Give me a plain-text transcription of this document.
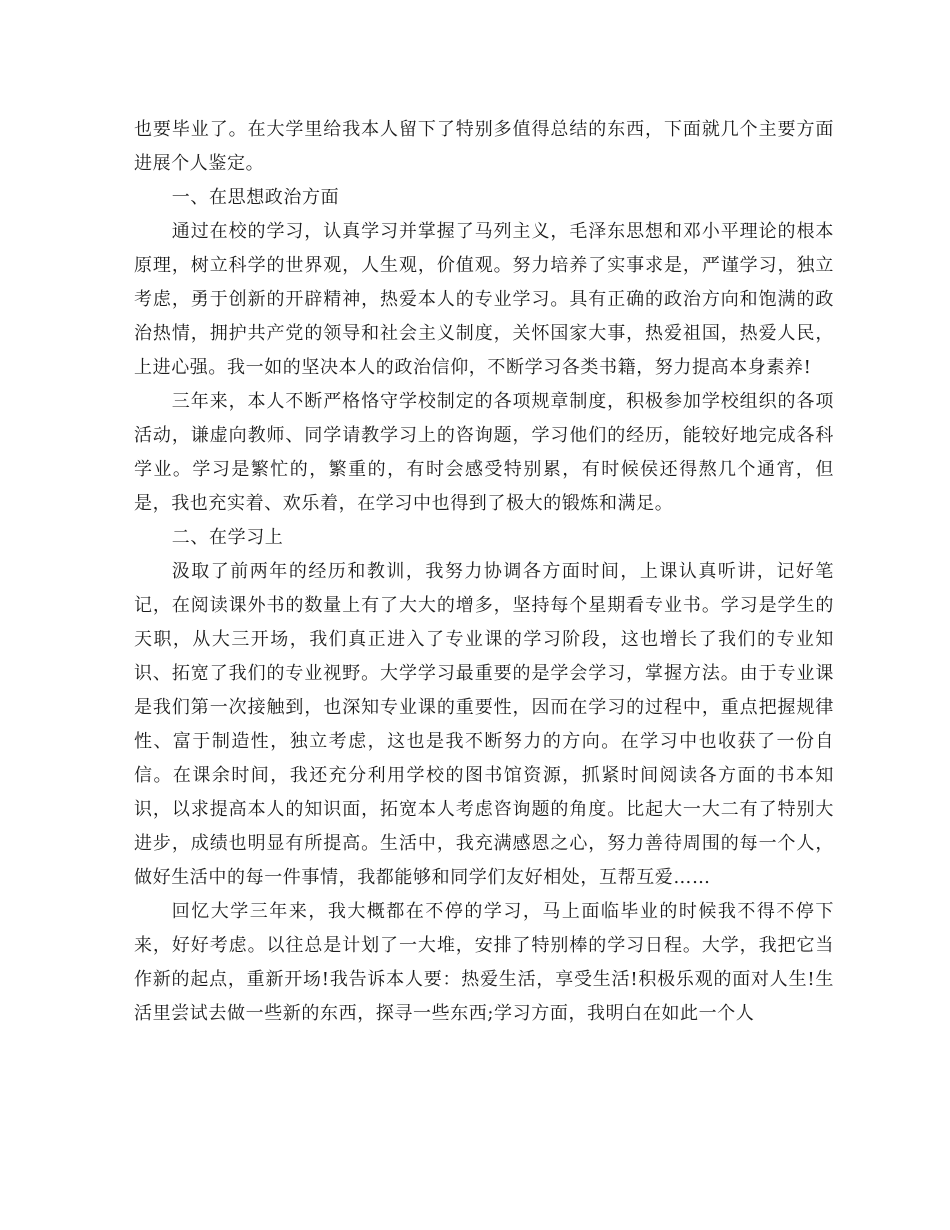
也要毕业了。在大学里给我本人留下了特别多值得总结的东西，下面就几个主要方面进展个人鉴定。

一、在思想政治方面

通过在校的学习，认真学习并掌握了马列主义，毛泽东思想和邓小平理论的根本原理，树立科学的世界观，人生观，价值观。努力培养了实事求是，严谨学习，独立考虑，勇于创新的开辟精神，热爱本人的专业学习。具有正确的政治方向和饱满的政治热情，拥护共产党的领导和社会主义制度，关怀国家大事，热爱祖国，热爱人民，上进心强。我一如的坚决本人的政治信仰，不断学习各类书籍，努力提高本身素养!

三年来，本人不断严格恪守学校制定的各项规章制度，积极参加学校组织的各项活动，谦虚向教师、同学请教学习上的咨询题，学习他们的经历，能较好地完成各科学业。学习是繁忙的，繁重的，有时会感受特别累，有时候侯还得熬几个通宵，但是，我也充实着、欢乐着，在学习中也得到了极大的锻炼和满足。

二、在学习上

汲取了前两年的经历和教训，我努力协调各方面时间，上课认真听讲，记好笔记，在阅读课外书的数量上有了大大的增多，坚持每个星期看专业书。学习是学生的天职，从大三开场，我们真正进入了专业课的学习阶段，这也增长了我们的专业知识、拓宽了我们的专业视野。大学学习最重要的是学会学习，掌握方法。由于专业课是我们第一次接触到，也深知专业课的重要性，因而在学习的过程中，重点把握规律性、富于制造性，独立考虑，这也是我不断努力的方向。在学习中也收获了一份自信。在课余时间，我还充分利用学校的图书馆资源，抓紧时间阅读各方面的书本知识，以求提高本人的知识面，拓宽本人考虑咨询题的角度。比起大一大二有了特别大进步，成绩也明显有所提高。生活中，我充满感恩之心，努力善待周围的每一个人，做好生活中的每一件事情，我都能够和同学们友好相处，互帮互爱……

回忆大学三年来，我大概都在不停的学习，马上面临毕业的时候我不得不停下来，好好考虑。以往总是计划了一大堆，安排了特别棒的学习日程。大学，我把它当作新的起点，重新开场!我告诉本人要：热爱生活，享受生活!积极乐观的面对人生!生活里尝试去做一些新的东西，探寻一些东西;学习方面，我明白在如此一个人
